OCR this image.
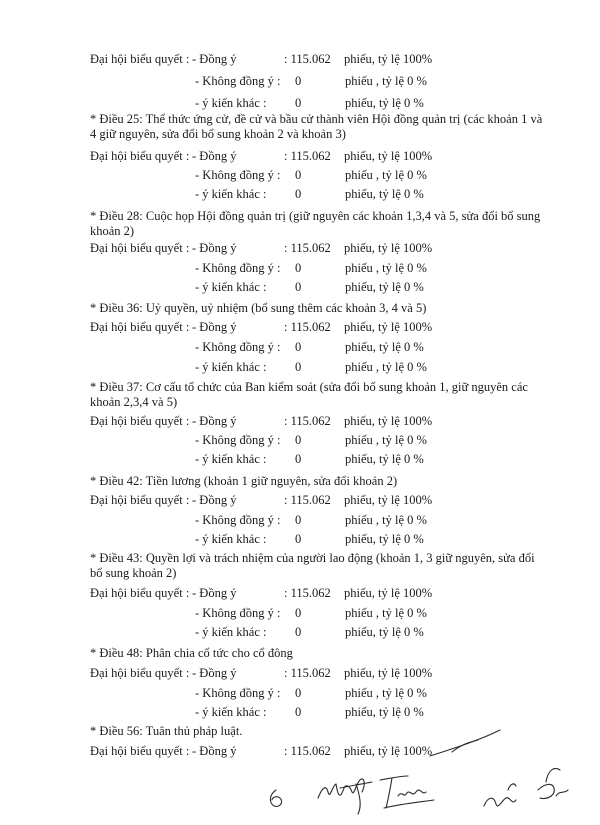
Đại hội biểu quyết : - Đồng ý	: 115.062 phiếu, tỷ lệ 100%
- Không đồng ý : 0	phiếu , tỷ lệ 0 %
- ý kiến khác : 0	phiếu, tỷ lệ 0 %
* Điều 25: Thể thức ứng cử, đề cử và bầu cử thành viên Hội đồng quản trị (các khoản 1 và 4 giữ nguyên, sửa đổi bổ sung khoản 2 và khoản 3)
Đại hội biểu quyết : - Đồng ý	: 115.062 phiếu, tỷ lệ 100%
- Không đồng ý : 0	phiếu , tỷ lệ 0 %
- ý kiến khác : 0	phiếu, tỷ lệ 0 %
* Điều 28: Cuộc họp Hội đồng quản trị (giữ nguyên các khoản 1,3,4 và 5, sửa đổi bổ sung khoản 2)
Đại hội biểu quyết : - Đồng ý	: 115.062 phiếu, tỷ lệ 100%
- Không đồng ý : 0	phiếu , tỷ lệ 0 %
- ý kiến khác : 0	phiếu, tỷ lệ 0 %
* Điều 36: Uỷ quyền, uỷ nhiệm (bổ sung thêm các khoản 3, 4 và 5)
Đại hội biểu quyết : - Đồng ý	: 115.062 phiếu, tỷ lệ 100%
- Không đồng ý : 0	phiếu, tỷ lệ 0 %
- ý kiến khác : 0	phiếu , tỷ lệ 0 %
* Điều 37: Cơ cấu tổ chức của Ban kiểm soát (sửa đổi bổ sung khoản 1, giữ nguyên các khoản 2,3,4 và 5)
Đại hội biểu quyết : - Đồng ý	: 115.062 phiếu, tỷ lệ 100%
- Không đồng ý : 0	phiếu , tỷ lệ 0 %
- ý kiến khác : 0	phiếu, tỷ lệ 0 %
* Điều 42: Tiền lương (khoản 1 giữ nguyên, sửa đổi khoản 2)
Đại hội biểu quyết : - Đồng ý	: 115.062 phiếu, tỷ lệ 100%
- Không đồng ý : 0	phiếu , tỷ lệ 0 %
- ý kiến khác : 0	phiếu, tỷ lệ 0 %
* Điều 43: Quyền lợi và trách nhiệm của người lao động (khoản 1, 3 giữ nguyên, sửa đổi bổ sung khoản 2)
Đại hội biểu quyết : - Đồng ý	: 115.062 phiếu, tỷ lệ 100%
- Không đồng ý : 0	phiếu , tỷ lệ 0 %
- ý kiến khác : 0	phiếu, tỷ lệ 0 %
* Điều 48: Phân chia cổ tức cho cổ đông
Đại hội biểu quyết : - Đồng ý	: 115.062 phiếu, tỷ lệ 100%
- Không đồng ý : 0	phiếu , tỷ lệ 0 %
- ý kiến khác : 0	phiếu, tỷ lệ 0 %
* Điều 56: Tuân thủ pháp luật.
Đại hội biểu quyết : - Đồng ý	: 115.062 phiếu, tỷ lệ 100%
